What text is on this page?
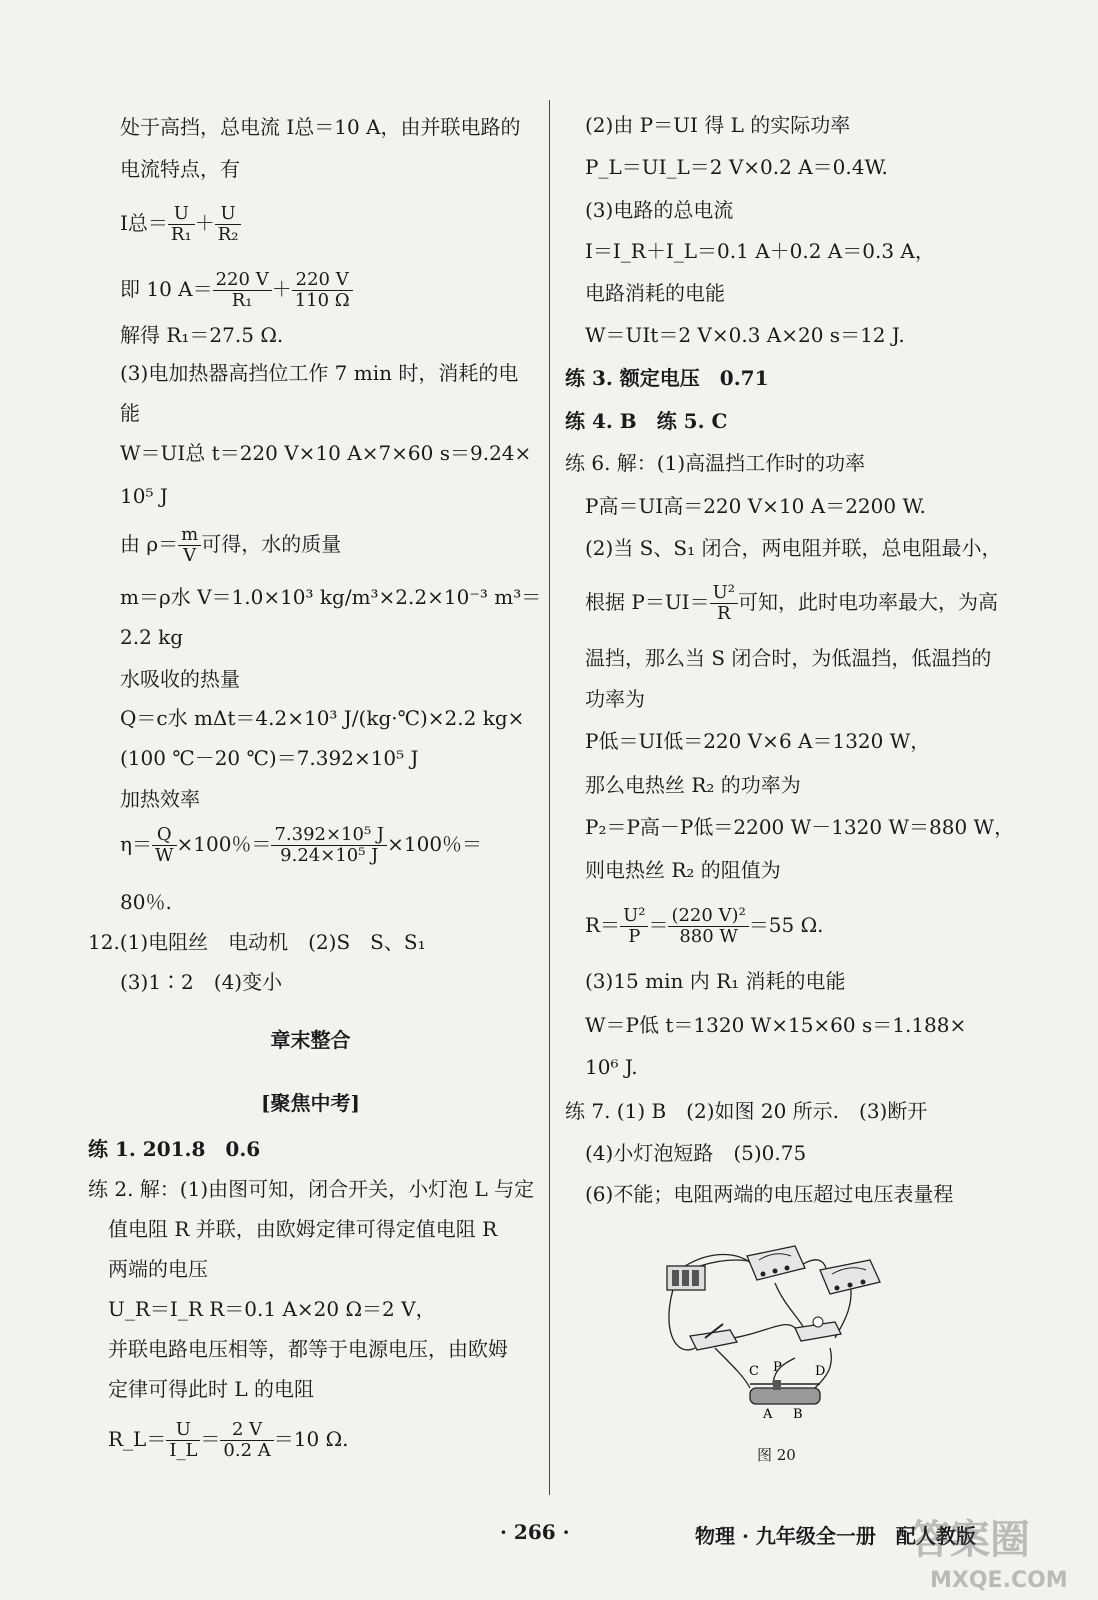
处于高挡，总电流 I总＝10 A，由并联电路的
电流特点，有
I总＝ $\frac{U}{\text{R₁}} + \frac{U}{\text{R₂}}$
即 10 $A= \frac{220 V}{\text{R₁}} + \frac{220 V}{110 \Omega}$
解得 R₁＝27.5 Ω.
(3)电加热器高挡位工作 7 min 时，消耗的电
能
W＝UI总 t＝220 V×10 A×7×60 s＝9.24×
10⁵ J
由 $\rho= \frac{m}{V}$ 可得，水的质量
m＝ρ水 V＝1.0×10³ kg/m³×2.2×10⁻³ m³＝
2.2 kg
水吸收的热量
Q＝c水 mΔt＝4.2×10³ J/(kg·℃)×2.2 kg×
(100 ℃－20 ℃)＝7.392×10⁵ J
加热效率
$\eta= \frac{Q}{W} \times 100$％＝ $\frac{\text{7.392×10⁵ J}}{\text{9.24×10⁵ J}} \times 100$％＝
80％.
12.(1)电阻丝　电动机　(2)S　S、S₁
(3)1∶2　(4)变小
章末整合
[聚焦中考]
练 1. 201.8　0.6
练 2. 解：(1)由图可知，闭合开关，小灯泡 L 与定
值电阻 R 并联，由欧姆定律可得定值电阻 R
两端的电压
U_R＝I_R R＝0.1 A×20 Ω＝2 V，
并联电路电压相等，都等于电源电压，由欧姆
定律可得此时 L 的电阻
R_L＝ $\frac{U}{I\_L} = \frac{2 V}{0.2 A} =10$ Ω.
(2)由 P＝UI 得 L 的实际功率
P_L＝UI_L＝2 V×0.2 A＝0.4W.
(3)电路的总电流
I＝I_R＋I_L＝0.1 A＋0.2 A＝0.3 A，
电路消耗的电能
W＝UIt＝2 V×0.3 A×20 s＝12 J.
练 3. 额定电压　0.71
练 4. B　练 5. C
练 6. 解：(1)高温挡工作时的功率
P高＝UI高＝220 V×10 A＝2200 W.
(2)当 S、S₁ 闭合，两电阻并联，总电阻最小，
根据 $P=UI= \frac{\text{U²}}{R}$ 可知，此时电功率最大，为高
温挡，那么当 S 闭合时，为低温挡，低温挡的
功率为
P低＝UI低＝220 V×6 A＝1320 W，
那么电热丝 R₂ 的功率为
P₂＝P高－P低＝2200 W－1320 W＝880 W，
则电热丝 R₂ 的阻值为
$R= \frac{\text{U²}}{P} = \frac{\text{(220 V)²}}{880 W} =55$ Ω.
(3)15 min 内 R₁ 消耗的电能
W＝P低 t＝1320 W×15×60 s＝1.188×
10⁶ J.
练 7. (1) B　(2)如图 20 所示.　(3)断开
(4)小灯泡短路　(5)0.75
(6)不能；电阻两端的电压超过电压表量程
C P	D
A B
图 20
· 266 ·	物理 · 九年级全一册　配人教版
答案圈
MXQE.COM
